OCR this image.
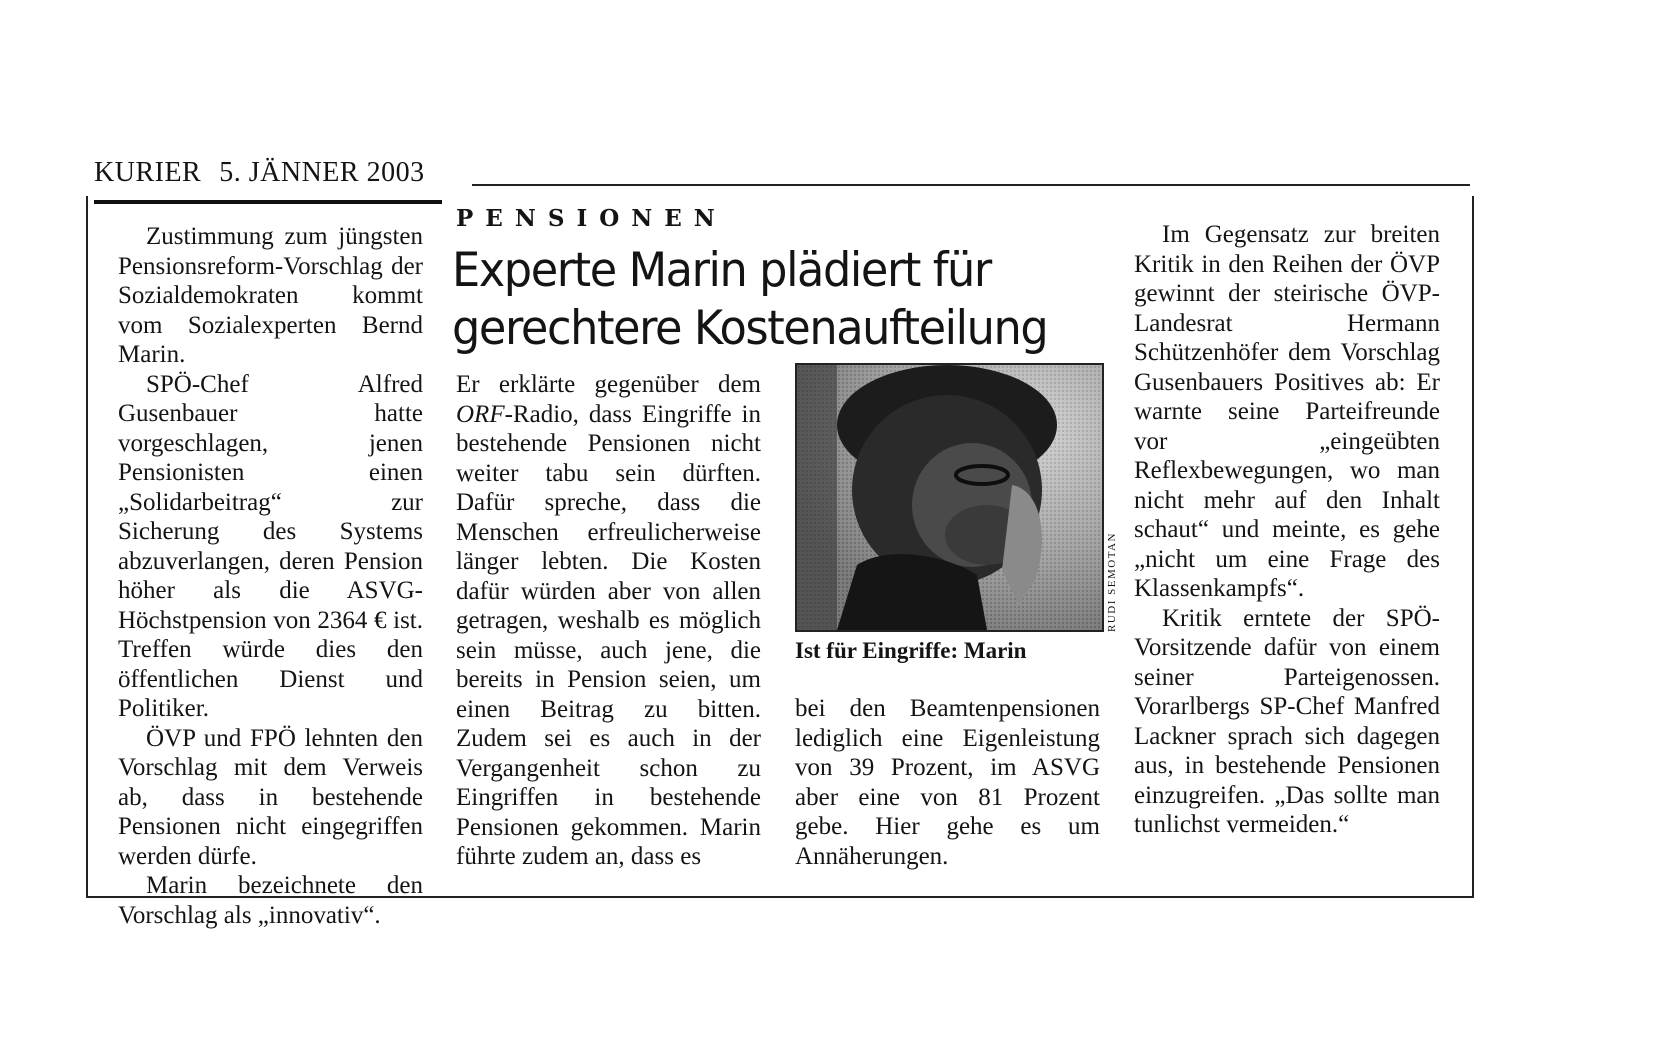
KURIER 5. JÄNNER 2003
PENSIONEN
Experte Marin plädiert für
gerechtere Kostenaufteilung

Zustimmung zum jüngsten Pensionsreform-Vorschlag der Sozialdemokraten kommt vom Sozialexperten Bernd Marin.

SPÖ-Chef Alfred Gusenbauer hatte vorgeschlagen, jenen Pensionisten einen „Solidarbeitrag“ zur Sicherung des Systems abzuverlangen, deren Pension höher als die ASVG-Höchstpension von 2364 € ist. Treffen würde dies den öffentlichen Dienst und Politiker.

ÖVP und FPÖ lehnten den Vorschlag mit dem Verweis ab, dass in bestehende Pensionen nicht eingegriffen werden dürfe.

Marin bezeichnete den Vorschlag als „innovativ“.

Er erklärte gegenüber dem ORF-Radio, dass Eingriffe in bestehende Pensionen nicht weiter tabu sein dürften. Dafür spreche, dass die Menschen erfreulicherweise länger lebten. Die Kosten dafür würden aber von allen getragen, weshalb es möglich sein müsse, auch jene, die bereits in Pension seien, um einen Beitrag zu bitten. Zudem sei es auch in der Vergangenheit schon zu Eingriffen in bestehende Pensionen gekommen. Marin führte zudem an, dass es

RUDI SEMOTAN
Ist für Eingriffe: Marin

bei den Beamtenpensionen lediglich eine Eigenleistung von 39 Prozent, im ASVG aber eine von 81 Prozent gebe. Hier gehe es um Annäherungen.

Im Gegensatz zur breiten Kritik in den Reihen der ÖVP gewinnt der steirische ÖVP-Landesrat Hermann Schützenhöfer dem Vorschlag Gusenbauers Positives ab: Er warnte seine Parteifreunde vor „eingeübten Reflexbewegungen, wo man nicht mehr auf den Inhalt schaut“ und meinte, es gehe „nicht um eine Frage des Klassenkampfs“.

Kritik erntete der SPÖ-Vorsitzende dafür von einem seiner Parteigenossen. Vorarlbergs SP-Chef Manfred Lackner sprach sich dagegen aus, in bestehende Pensionen einzugreifen. „Das sollte man tunlichst vermeiden.“
